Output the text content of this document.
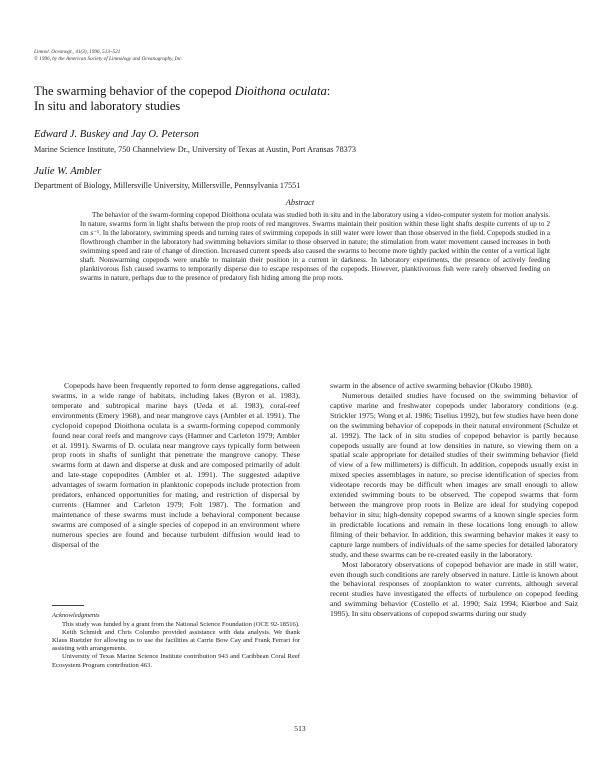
Limnol. Oceanogr., 41(3), 1996, 513–521
© 1996, by the American Society of Limnology and Oceanography, Inc.
The swarming behavior of the copepod Dioithona oculata:
In situ and laboratory studies
Edward J. Buskey and Jay O. Peterson
Marine Science Institute, 750 Channelview Dr., University of Texas at Austin, Port Aransas 78373
Julie W. Ambler
Department of Biology, Millersville University, Millersville, Pennsylvania 17551
Abstract
The behavior of the swarm-forming copepod Dioithona oculata was studied both in situ and in the laboratory using a video-computer system for motion analysis. In nature, swarms form in light shafts between the prop roots of red mangroves. Swarms maintain their position within these light shafts despite currents of up to 2 cm s⁻¹. In the laboratory, swimming speeds and turning rates of swimming copepods in still water were lower than those observed in the field. Copepods studied in a flowthrough chamber in the laboratory had swimming behaviors similar to those observed in nature; the stimulation from water movement caused increases in both swimming speed and rate of change of direction. Increased current speeds also caused the swarms to become more tightly packed within the center of a vertical light shaft. Nonswarming copepods were unable to maintain their position in a current in darkness. In laboratory experiments, the presence of actively feeding planktivorous fish caused swarms to temporarily disperse due to escape responses of the copepods. However, planktivorous fish were rarely observed feeding on swarms in nature, perhaps due to the presence of predatory fish hiding among the prop roots.

Copepods have been frequently reported to form dense aggregations, called swarms, in a wide range of habitats, including lakes (Byron et al. 1983), temperate and subtropical marine bays (Ueda et al. 1983), coral-reef environments (Emery 1968), and near mangrove cays (Ambler et al. 1991). The cyclopoid copepod Dioithona oculata is a swarm-forming copepod commonly found near coral reefs and mangrove cays (Hamner and Carleton 1979; Ambler et al. 1991). Swarms of D. oculata near mangrove cays typically form between prop roots in shafts of sunlight that penetrate the mangrove canopy. These swarms form at dawn and disperse at dusk and are composed primarily of adult and late-stage copepodites (Ambler et al. 1991). The suggested adaptive advantages of swarm formation in planktonic copepods include protection from predators, enhanced opportunities for mating, and restriction of dispersal by currents (Hamner and Carleton 1979; Folt 1987). The formation and maintenance of these swarms must include a behavioral component because swarms are composed of a single species of copepod in an environment where numerous species are found and because turbulent diffusion would lead to dispersal of the

swarm in the absence of active swarming behavior (Okubo 1980).

Numerous detailed studies have focused on the swimming behavior of captive marine and freshwater copepods under laboratory conditions (e.g. Strickler 1975; Wong et al. 1986; Tiselius 1992), but few studies have been done on the swimming behavior of copepods in their natural environment (Schulze et al. 1992). The lack of in situ studies of copepod behavior is partly because copepods usually are found at low densities in nature, so viewing them on a spatial scale appropriate for detailed studies of their swimming behavior (field of view of a few millimeters) is difficult. In addition, copepods usually exist in mixed species assemblages in nature, so precise identification of species from videotape records may be difficult when images are small enough to allow extended swimming bouts to be observed. The copepod swarms that form between the mangrove prop roots in Belize are ideal for studying copepod behavior in situ; high-density copepod swarms of a known single species form in predictable locations and remain in these locations long enough to allow filming of their behavior. In addition, this swarming behavior makes it easy to capture large numbers of individuals of the same species for detailed laboratory study, and these swarms can be re-created easily in the laboratory.

Most laboratory observations of copepod behavior are made in still water, even though such conditions are rarely observed in nature. Little is known about the behavioral responses of zooplankton to water currents, although several recent studies have investigated the effects of turbulence on copepod feeding and swimming behavior (Costello et al. 1990; Saiz 1994; Kiørboe and Saiz 1995). In situ observations of copepod swarms during our study

Acknowledgments

This study was funded by a grant from the National Science Foundation (OCE 92-18516).

Keith Schmidt and Chris Columbo provided assistance with data analysis. We thank Klaus Ruetzler for allowing us to use the facilities at Carrie Bow Cay and Frank Ferrari for assisting with arrangements.

University of Texas Marine Science Institute contribution 943 and Caribbean Coral Reef Ecosystem Program contribution 463.

513
